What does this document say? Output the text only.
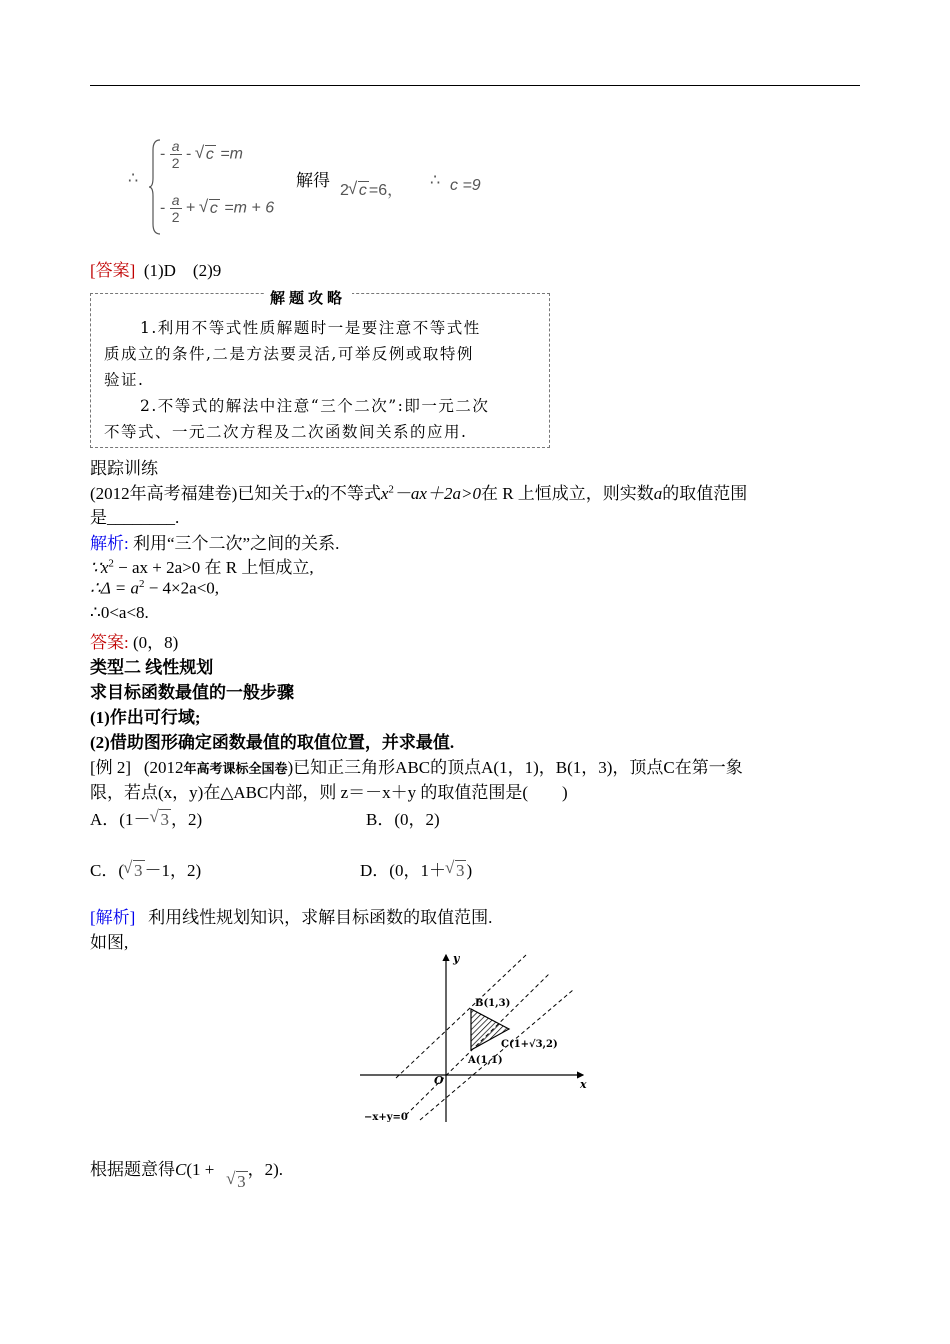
∴
- $\frac{a}{2}$ - √ c =m
- $\frac{a}{2}$ + √ c =m + 6
解得
2 √ c =6，
∴ c =9
[答案] (1)D　(2)9
解题攻略
1.利用不等式性质解题时一是要注意不等式性
质成立的条件,二是方法要灵活,可举反例或取特例
验证.
2.不等式的解法中注意“三个二次”:即一元二次
不等式、一元二次方程及二次函数间关系的应用.
跟踪训练
(2012年高考福建卷)已知关于x的不等式$x^2-ax+2a>0$在 R 上恒成立，则实数a的取值范围
是________.
解析: 利用“三个二次”之间的关系.
$\because x^2$ − ax + 2a>0 在 R 上恒成立,
∴Δ = $a^2 - 4\times 2a<0$,
∴0<a<8.
答案: (0，8)
类型二 线性规划
求目标函数最值的一般步骤
(1)作出可行域;
(2)借助图形确定函数最值的取值位置，并求最值.
[例 2] (2012年高考课标全国卷)已知正三角形ABC的顶点A(1，1)，B(1，3)，顶点C在第一象
限，若点(x，y)在△ABC内部，则 z＝－x＋y 的取值范围是(　　)
A．(1－ √ 3 ，2)	B．(0，2)
C．( √ 3 －1，2)	D．(0，1＋ √ 3 )
[解析] 利用线性规划知识，求解目标函数的取值范围.
如图,
y
x
O
B(1,3)
C(1+√3,2)
A(1,1)
−x+y=0
根据题意得C(1 +   √ 3，2).
